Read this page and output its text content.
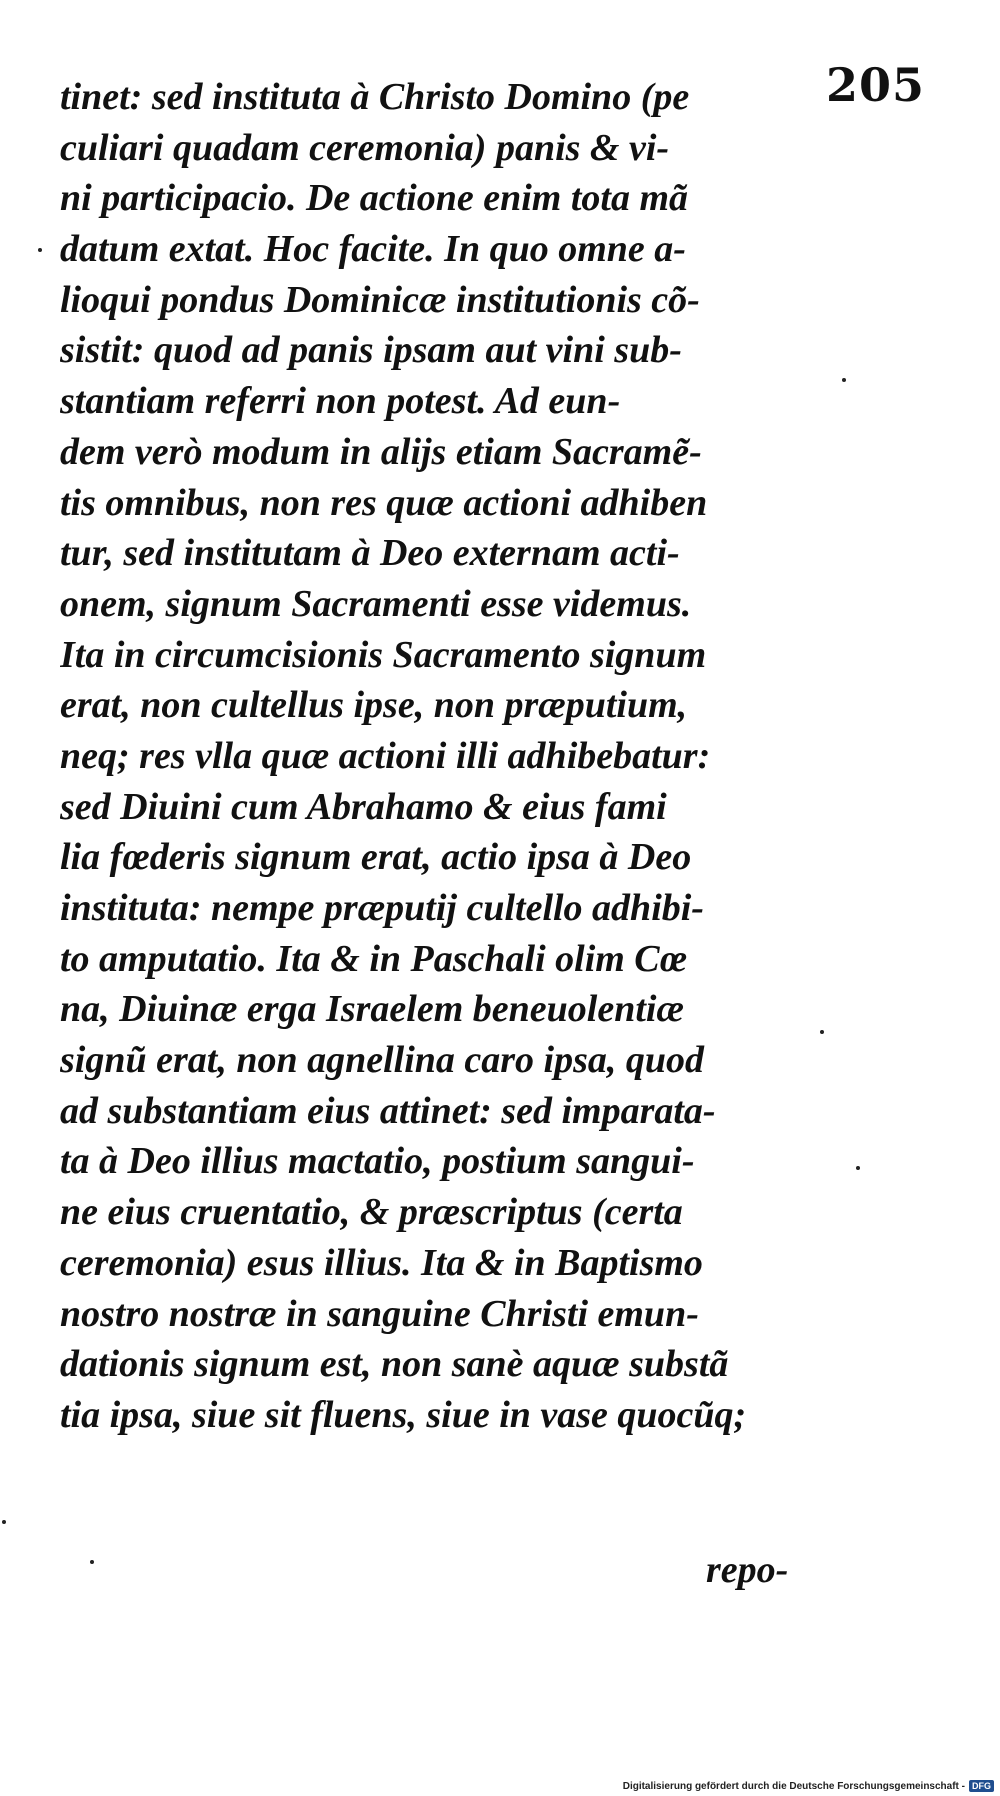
205
tinet: sed instituta à Christo Domino (pe
culiari quadam ceremonia) panis & vi-
ni participacio. De actione enim tota mã
datum extat. Hoc facite. In quo omne a-
lioqui pondus Dominicæ institutionis cõ-
sistit: quod ad panis ipsam aut vini sub-
stantiam referri non potest. Ad eun-
dem verò modum in alijs etiam Sacramẽ-
tis omnibus, non res quæ actioni adhiben
tur, sed institutam à Deo externam acti-
onem, signum Sacramenti esse videmus.
Ita in circumcisionis Sacramento signum
erat, non cultellus ipse, non præputium,
neq; res vlla quæ actioni illi adhibebatur:
sed Diuini cum Abrahamo & eius fami
lia fœderis signum erat, actio ipsa à Deo
instituta: nempe præputij cultello adhibi-
to amputatio. Ita & in Paschali olim Cœ
na, Diuinæ erga Israelem beneuolentiæ
signũ erat, non agnellina caro ipsa, quod
ad substantiam eius attinet: sed imparata-
ta à Deo illius mactatio, postium sangui-
ne eius cruentatio, & præscriptus (certa
ceremonia) esus illius. Ita & in Baptismo
nostro nostræ in sanguine Christi emun-
dationis signum est, non sanè aquæ substã
tia ipsa, siue sit fluens, siue in vase quocũq;
repo-
Digitalisierung gefördert durch die Deutsche Forschungsgemeinschaft - DFG
